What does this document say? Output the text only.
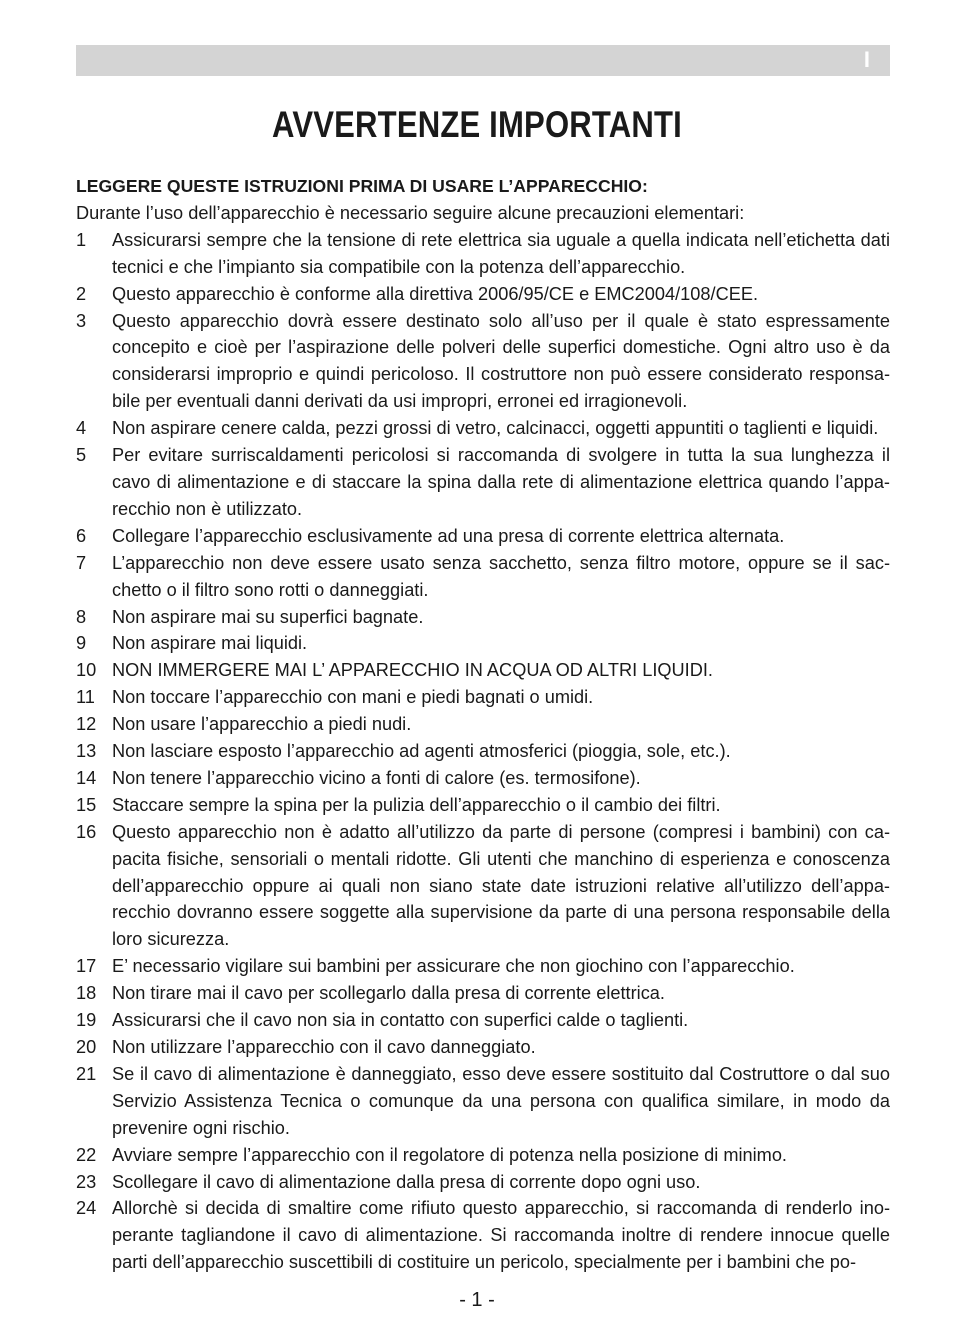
I
AVVERTENZE IMPORTANTI
LEGGERE QUESTE ISTRUZIONI PRIMA DI USARE L’APPARECCHIO:
Durante l’uso dell’apparecchio è necessario seguire alcune precauzioni elementari:
1	Assicurarsi sempre che la tensione di rete elettrica sia uguale a quella indicata nell’etichetta dati tecnici e che l’impianto sia compatibile con la potenza dell’apparecchio.
2	Questo apparecchio è conforme alla direttiva 2006/95/CE e EMC2004/108/CEE.
3	Questo apparecchio dovrà essere destinato solo all’uso per il quale è stato espressamente concepito e cioè per l’aspirazione delle polveri delle superfici domestiche. Ogni altro uso è da considerarsi improprio e quindi pericoloso. Il costruttore non può essere considerato responsa-bile per eventuali danni derivati da usi impropri, erronei ed irragionevoli.
4	Non aspirare cenere calda, pezzi grossi di vetro, calcinacci, oggetti appuntiti o taglienti e liquidi.
5	Per evitare surriscaldamenti pericolosi si raccomanda di svolgere in tutta la sua lunghezza il cavo di alimentazione e di staccare la spina dalla rete di alimentazione elettrica quando l’appa-recchio non è utilizzato.
6	Collegare l’apparecchio esclusivamente ad una presa di corrente elettrica alternata.
7	L’apparecchio non deve essere usato senza sacchetto, senza filtro motore, oppure se il sac-chetto o il filtro sono rotti o danneggiati.
8	Non aspirare mai su superfici bagnate.
9	Non aspirare mai liquidi.
10 NON IMMERGERE MAI L’ APPARECCHIO IN ACQUA OD ALTRI LIQUIDI.
11 Non toccare l’apparecchio con mani e piedi bagnati o umidi.
12 Non usare l’apparecchio a piedi nudi.
13 Non lasciare esposto l’apparecchio ad agenti atmosferici (pioggia, sole, etc.).
14 Non tenere l’apparecchio vicino a fonti di calore (es. termosifone).
15 Staccare sempre la spina per la pulizia dell’apparecchio o il cambio dei filtri.
16 Questo apparecchio non è adatto all’utilizzo da parte di persone (compresi i bambini) con ca-pacita fisiche, sensoriali o mentali ridotte. Gli utenti che manchino di esperienza e conoscenza dell’apparecchio oppure ai quali non siano state date istruzioni relative all’utilizzo dell’appa-recchio dovranno essere soggette alla supervisione da parte di una persona responsabile della loro sicurezza.
17 E’ necessario vigilare sui bambini per assicurare che non giochino con l’apparecchio.
18 Non tirare mai il cavo per scollegarlo dalla presa di corrente elettrica.
19 Assicurarsi che il cavo non sia in contatto con superfici calde o taglienti.
20 Non utilizzare l’apparecchio con il cavo danneggiato.
21 Se il cavo di alimentazione è danneggiato, esso deve essere sostituito dal Costruttore o dal suo Servizio Assistenza Tecnica o comunque da una persona con qualifica similare, in modo da prevenire ogni rischio.
22 Avviare sempre l’apparecchio con il regolatore di potenza nella posizione di minimo.
23 Scollegare il cavo di alimentazione dalla presa di corrente dopo ogni uso.
24 Allorchè si decida di smaltire come rifiuto questo apparecchio, si raccomanda di renderlo ino-perante tagliandone il cavo di alimentazione. Si raccomanda inoltre di rendere innocue quelle parti dell’apparecchio suscettibili di costituire un pericolo, specialmente per i bambini che po-
- 1 -
